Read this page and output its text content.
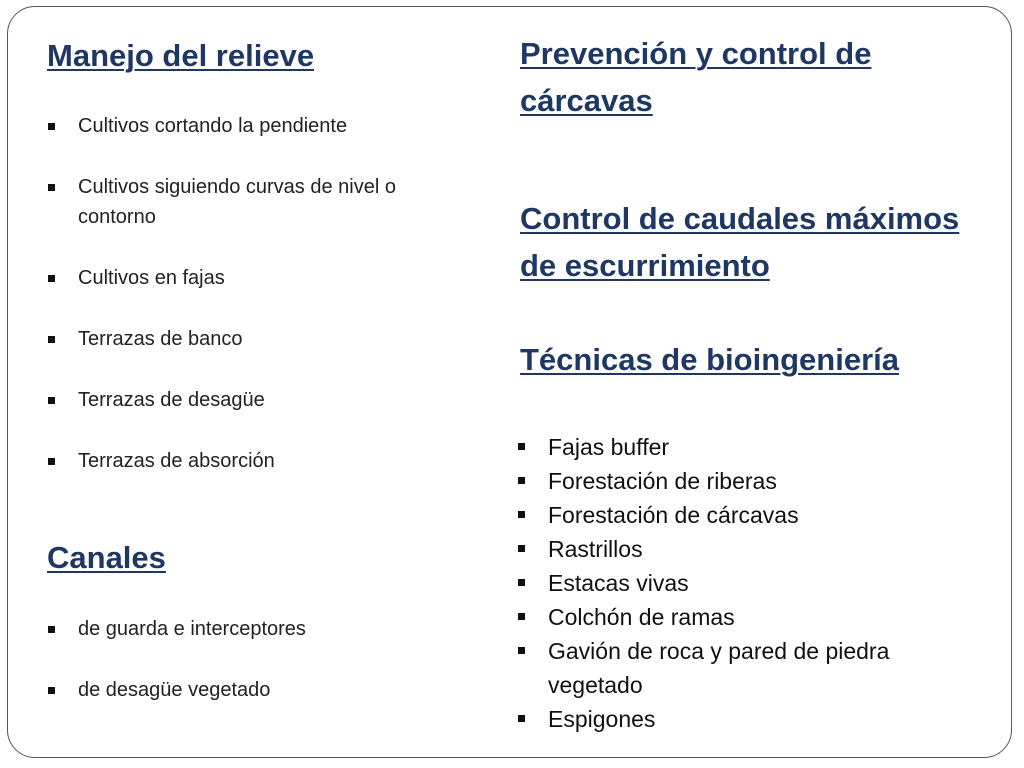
Manejo del relieve
Cultivos cortando la pendiente
Cultivos siguiendo curvas de nivel o contorno
Cultivos en fajas
Terrazas de banco
Terrazas de desagüe
Terrazas de absorción
Canales
de guarda e interceptores
de desagüe vegetado
Prevención y control de cárcavas
Control de caudales máximos de escurrimiento
Técnicas de bioingeniería
Fajas buffer
Forestación de riberas
Forestación de cárcavas
Rastrillos
Estacas vivas
Colchón de ramas
Gavión de roca y pared de piedra vegetado
Espigones
